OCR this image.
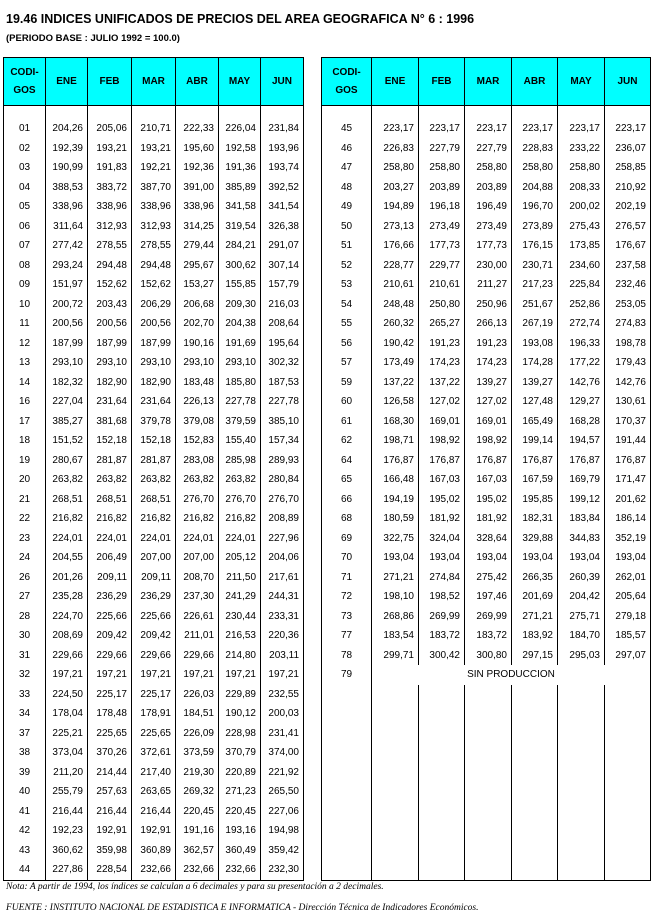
19.46 INDICES UNIFICADOS DE PRECIOS DEL AREA GEOGRAFICA N° 6 : 1996
(PERIODO BASE : JULIO 1992 = 100.0)
CODI-GOS	ENE	FEB	MAR	ABR	MAY	JUN

01	204,26	205,06	210,71	222,33	226,04	231,84
02	192,39	193,21	193,21	195,60	192,58	193,96
03	190,99	191,83	192,21	192,36	191,36	193,74
04	388,53	383,72	387,70	391,00	385,89	392,52
05	338,96	338,96	338,96	338,96	341,58	341,54
06	311,64	312,93	312,93	314,25	319,54	326,38
07	277,42	278,55	278,55	279,44	284,21	291,07
08	293,24	294,48	294,48	295,67	300,62	307,14
09	151,97	152,62	152,62	153,27	155,85	157,79
10	200,72	203,43	206,29	206,68	209,30	216,03
11	200,56	200,56	200,56	202,70	204,38	208,64
12	187,99	187,99	187,99	190,16	191,69	195,64
13	293,10	293,10	293,10	293,10	293,10	302,32
14	182,32	182,90	182,90	183,48	185,80	187,53
16	227,04	231,64	231,64	226,13	227,78	227,78
17	385,27	381,68	379,78	379,08	379,59	385,10
18	151,52	152,18	152,18	152,83	155,40	157,34
19	280,67	281,87	281,87	283,08	285,98	289,93
20	263,82	263,82	263,82	263,82	263,82	280,84
21	268,51	268,51	268,51	276,70	276,70	276,70
22	216,82	216,82	216,82	216,82	216,82	208,89
23	224,01	224,01	224,01	224,01	224,01	227,96
24	204,55	206,49	207,00	207,00	205,12	204,06
26	201,26	209,11	209,11	208,70	211,50	217,61
27	235,28	236,29	236,29	237,30	241,29	244,31
28	224,70	225,66	225,66	226,61	230,44	233,31
30	208,69	209,42	209,42	211,01	216,53	220,36
31	229,66	229,66	229,66	229,66	214,80	203,11
32	197,21	197,21	197,21	197,21	197,21	197,21
33	224,50	225,17	225,17	226,03	229,89	232,55
34	178,04	178,48	178,91	184,51	190,12	200,03
37	225,21	225,65	225,65	226,09	228,98	231,41
38	373,04	370,26	372,61	373,59	370,79	374,00
39	211,20	214,44	217,40	219,30	220,89	221,92
40	255,79	257,63	263,65	269,32	271,23	265,50
41	216,44	216,44	216,44	220,45	220,45	227,06
42	192,23	192,91	192,91	191,16	193,16	194,98
43	360,62	359,98	360,89	362,57	360,49	359,42
44	227,86	228,54	232,66	232,66	232,66	232,30
CODI-GOS	ENE	FEB	MAR	ABR	MAY	JUN

45	223,17	223,17	223,17	223,17	223,17	223,17
46	226,83	227,79	227,79	228,83	233,22	236,07
47	258,80	258,80	258,80	258,80	258,80	258,85
48	203,27	203,89	203,89	204,88	208,33	210,92
49	194,89	196,18	196,49	196,70	200,02	202,19
50	273,13	273,49	273,49	273,89	275,43	276,57
51	176,66	177,73	177,73	176,15	173,85	176,67
52	228,77	229,77	230,00	230,71	234,60	237,58
53	210,61	210,61	211,27	217,23	225,84	232,46
54	248,48	250,80	250,96	251,67	252,86	253,05
55	260,32	265,27	266,13	267,19	272,74	274,83
56	190,42	191,23	191,23	193,08	196,33	198,78
57	173,49	174,23	174,23	174,28	177,22	179,43
59	137,22	137,22	139,27	139,27	142,76	142,76
60	126,58	127,02	127,02	127,48	129,27	130,61
61	168,30	169,01	169,01	165,49	168,28	170,37
62	198,71	198,92	198,92	199,14	194,57	191,44
64	176,87	176,87	176,87	176,87	176,87	176,87
65	166,48	167,03	167,03	167,59	169,79	171,47
66	194,19	195,02	195,02	195,85	199,12	201,62
68	180,59	181,92	181,92	182,31	183,84	186,14
69	322,75	324,04	328,64	329,88	344,83	352,19
70	193,04	193,04	193,04	193,04	193,04	193,04
71	271,21	274,84	275,42	266,35	260,39	262,01
72	198,10	198,52	197,46	201,69	204,42	205,64
73	268,86	269,99	269,99	271,21	275,71	279,18
77	183,54	183,72	183,72	183,92	184,70	185,57
78	299,71	300,42	300,80	297,15	295,03	297,07
79	SIN PRODUCCION					

Nota: A partir de 1994, los índices se calculan a 6 decimales y para su presentación a 2 decimales.
FUENTE : INSTITUTO NACIONAL DE ESTADISTICA E INFORMATICA - Dirección Técnica de Indicadores Económicos.
